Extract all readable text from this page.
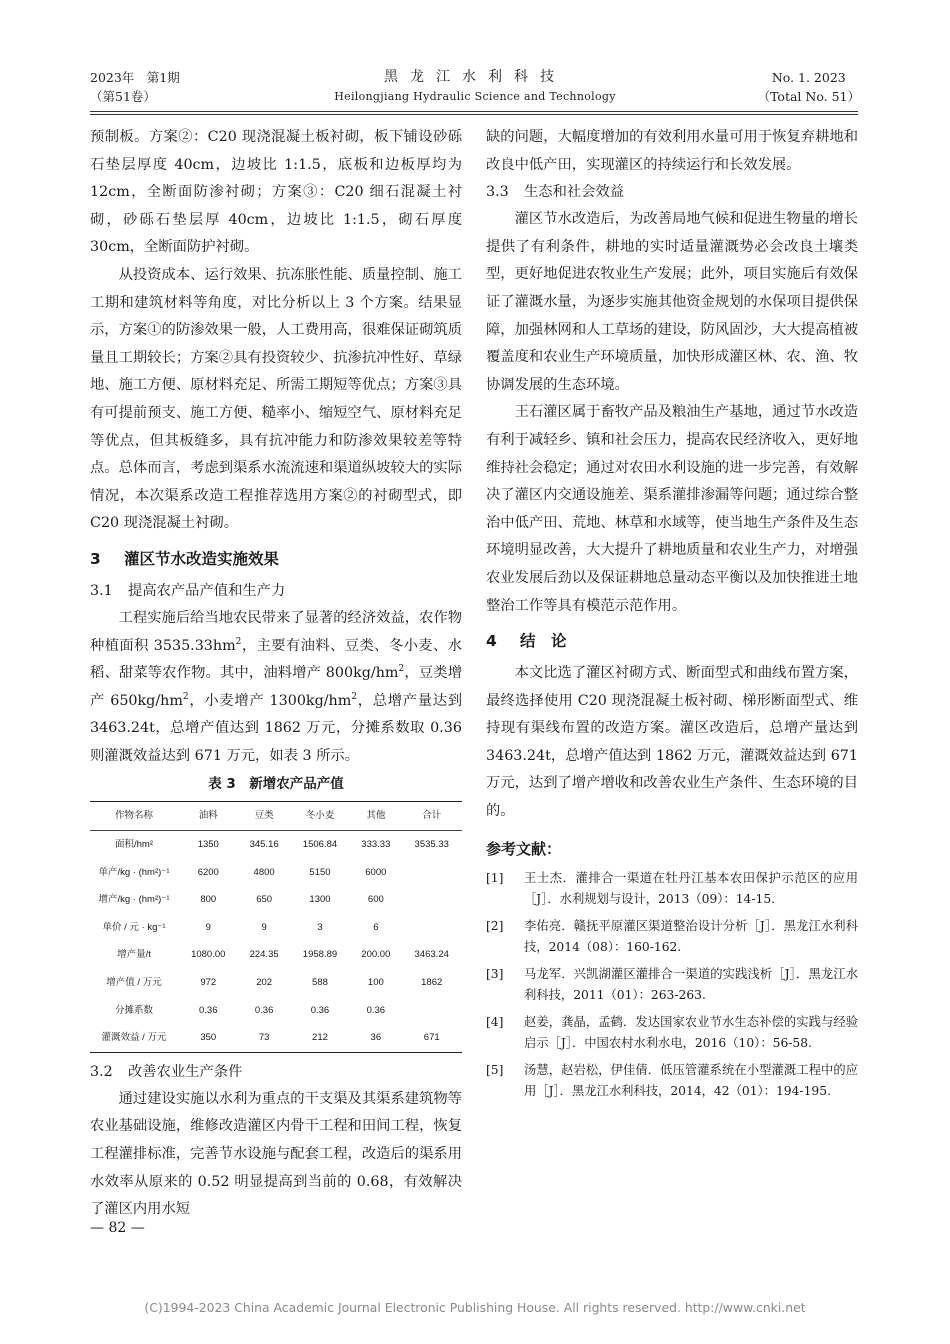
2023年　第1期
（第51卷）
黑龙江水利科技
Heilongjiang Hydraulic Science and Technology
No. 1. 2023
（Total No. 51）

预制板。方案②：C20 现浇混凝土板衬砌，板下铺设砂砾石垫层厚度 40cm，边坡比 1:1.5，底板和边板厚均为 12cm，全断面防渗衬砌；方案③：C20 细石混凝土衬砌，砂砾石垫层厚 40cm，边坡比 1:1.5，砌石厚度 30cm，全断面防护衬砌。

从投资成本、运行效果、抗冻胀性能、质量控制、施工工期和建筑材料等角度，对比分析以上 3 个方案。结果显示，方案①的防渗效果一般，人工费用高，很难保证砌筑质量且工期较长；方案②具有投资较少、抗渗抗冲性好、草绿地、施工方便、原材料充足、所需工期短等优点；方案③具有可提前预支、施工方便、糙率小、缩短空气、原材料充足等优点，但其板缝多，具有抗冲能力和防渗效果较差等特点。总体而言，考虑到渠系水流流速和渠道纵坡较大的实际情况，本次渠系改造工程推荐选用方案②的衬砌型式，即 C20 现浇混凝土衬砌。

3 灌区节水改造实施效果
3.1 提高农产品产值和生产力

工程实施后给当地农民带来了显著的经济效益，农作物种植面积 $3535.33hm^2$，主要有油料、豆类、冬小麦、水稻、甜菜等农作物。其中，油料增产 $800kg/hm^2$，豆类增产 $650kg/hm^2$，小麦增产 $1300kg/hm^2$，总增产量达到 3463.24t，总增产值达到 1862 万元，分摊系数取 0.36 则灌溉效益达到 671 万元，如表 3 所示。

表 3　新增农产品产值
作物名称	油料	豆类	冬小麦	其他	合计
面积/hm²	1350	345.16	1506.84	333.33	3535.33
单产/kg · (hm²)⁻¹	6200	4800	5150	6000	
增产/kg · (hm²)⁻¹	800	650	1300	600	
单价 / 元 · kg⁻¹	9	9	3	6	
增产量/t	1080.00	224.35	1958.89	200.00	3463.24
增产值 / 万元	972	202	588	100	1862
分摊系数	0.36	0.36	0.36	0.36	
灌溉效益 / 万元	350	73	212	36	671
3.2 改善农业生产条件

通过建设实施以水利为重点的干支渠及其渠系建筑物等农业基础设施，维修改造灌区内骨干工程和田间工程，恢复工程灌排标准，完善节水设施与配套工程，改造后的渠系用水效率从原来的 0.52 明显提高到当前的 0.68，有效解决了灌区内用水短

缺的问题，大幅度增加的有效利用水量可用于恢复弃耕地和改良中低产田，实现灌区的持续运行和长效发展。

3.3 生态和社会效益

灌区节水改造后，为改善局地气候和促进生物量的增长提供了有利条件，耕地的实时适量灌溉势必会改良土壤类型，更好地促进农牧业生产发展；此外，项目实施后有效保证了灌溉水量，为逐步实施其他资金规划的水保项目提供保障，加强林网和人工草场的建设，防风固沙，大大提高植被覆盖度和农业生产环境质量，加快形成灌区林、农、渔、牧协调发展的生态环境。

王石灌区属于畜牧产品及粮油生产基地，通过节水改造有利于减轻乡、镇和社会压力，提高农民经济收入，更好地维持社会稳定；通过对农田水利设施的进一步完善，有效解决了灌区内交通设施差、渠系灌排渗漏等问题；通过综合整治中低产田、荒地、林草和水域等，使当地生产条件及生态环境明显改善，大大提升了耕地质量和农业生产力，对增强农业发展后劲以及保证耕地总量动态平衡以及加快推进土地整治工作等具有模范示范作用。

4 结　论

本文比选了灌区衬砌方式、断面型式和曲线布置方案，最终选择使用 C20 现浇混凝土板衬砌、梯形断面型式、维持现有渠线布置的改造方案。灌区改造后，总增产量达到 3463.24t，总增产值达到 1862 万元，灌溉效益达到 671 万元，达到了增产增收和改善农业生产条件、生态环境的目的。

参考文献：
[1] 王士杰．灌排合一渠道在牡丹江基本农田保护示范区的应用［J］．水利规划与设计，2013（09）：14-15.
[2] 李佑亮．赣抚平原灌区渠道整治设计分析［J］．黑龙江水利科技，2014（08）：160-162.
[3] 马龙军．兴凯湖灌区灌排合一渠道的实践浅析［J］．黑龙江水利科技，2011（01）：263-263.
[4] 赵姜，龚晶，孟鹤．发达国家农业节水生态补偿的实践与经验启示［J］．中国农村水利水电，2016（10）：56-58.
[5] 汤慧，赵岩松，伊佳倩．低压管灌系统在小型灌溉工程中的应用［J］．黑龙江水利科技，2014，42（01）：194-195.
— 82 —
(C)1994-2023 China Academic Journal Electronic Publishing House. All rights reserved. http://www.cnki.net
